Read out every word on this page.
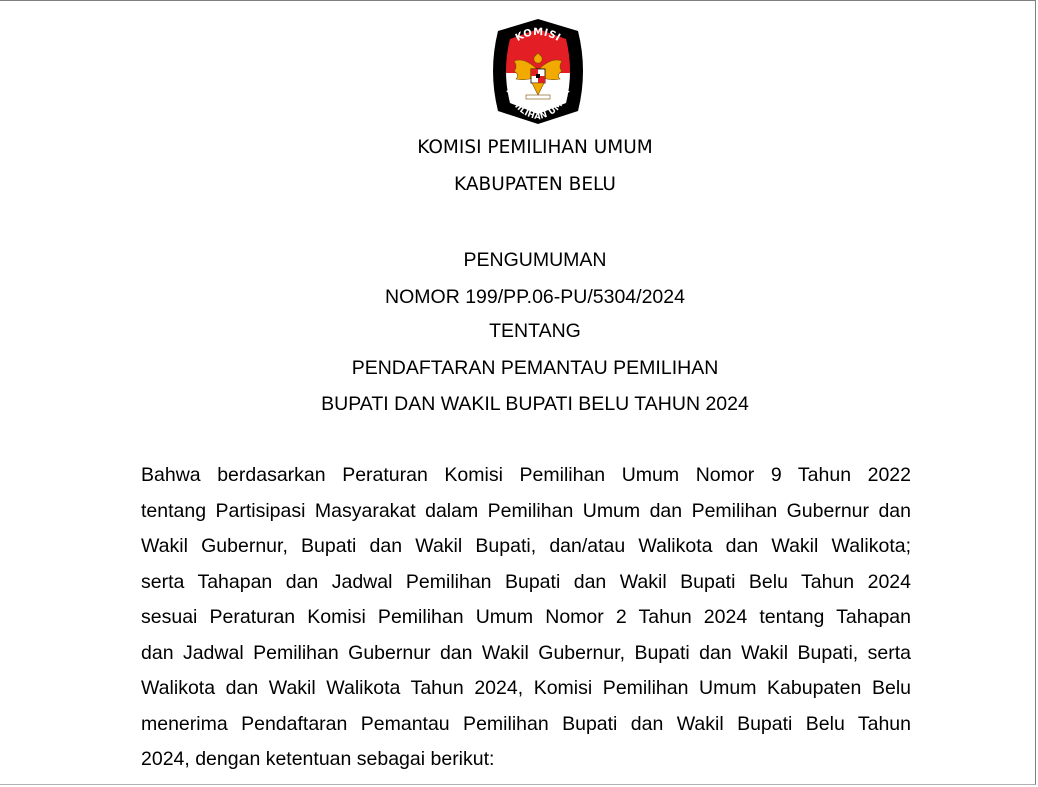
KOMISI
PEMILIHAN UMUM
KOMISI PEMILIHAN UMUM
KABUPATEN BELU
PENGUMUMAN
NOMOR 199/PP.06-PU/5304/2024
TENTANG
PENDAFTARAN PEMANTAU PEMILIHAN
BUPATI DAN WAKIL BUPATI BELU TAHUN 2024
Bahwa berdasarkan Peraturan Komisi Pemilihan Umum Nomor 9 Tahun 2022
tentang Partisipasi Masyarakat dalam Pemilihan Umum dan Pemilihan Gubernur dan
Wakil Gubernur, Bupati dan Wakil Bupati, dan/atau Walikota dan Wakil Walikota;
serta Tahapan dan Jadwal Pemilihan Bupati dan Wakil Bupati Belu Tahun 2024
sesuai Peraturan Komisi Pemilihan Umum Nomor 2 Tahun 2024 tentang Tahapan
dan Jadwal Pemilihan Gubernur dan Wakil Gubernur, Bupati dan Wakil Bupati, serta
Walikota dan Wakil Walikota Tahun 2024, Komisi Pemilihan Umum Kabupaten Belu
menerima Pendaftaran Pemantau Pemilihan Bupati dan Wakil Bupati Belu Tahun
2024, dengan ketentuan sebagai berikut:
